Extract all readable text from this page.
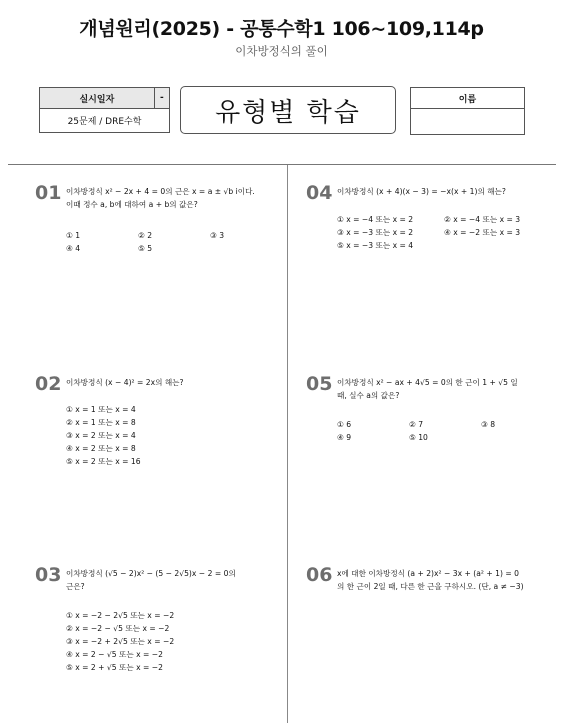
개념원리(2025) - 공통수학1 106~109,114p
이차방정식의 풀이
실시일자	-
25문제 / DRE수학	유형별 학습	이름
01 이차방정식 x² − 2x + 4 = 0의 근은 x = a ± √b i이다.
이때 정수 a, b에 대하여 a + b의 값은?
① 1	② 2	③ 3
④ 4	⑤ 5
02 이차방정식 (x − 4)² = 2x의 해는?
① x = 1 또는 x = 4
② x = 1 또는 x = 8
③ x = 2 또는 x = 4
④ x = 2 또는 x = 8
⑤ x = 2 또는 x = 16
03 이차방정식 (√5 − 2)x² − (5 − 2√5)x − 2 = 0의
근은?
① x = −2 − 2√5 또는 x = −2
② x = −2 − √5 또는 x = −2
③ x = −2 + 2√5 또는 x = −2
④ x = 2 − √5 또는 x = −2
⑤ x = 2 + √5 또는 x = −2
04 이차방정식 (x + 4)(x − 3) = −x(x + 1)의 해는?
① x = −4 또는 x = 2	② x = −4 또는 x = 3
③ x = −3 또는 x = 2	④ x = −2 또는 x = 3
⑤ x = −3 또는 x = 4
05 이차방정식 x² − ax + 4√5 = 0의 한 근이 1 + √5 일
때, 실수 a의 값은?
① 6	② 7	③ 8
④ 9	⑤ 10
06 x에 대한 이차방정식 (a + 2)x² − 3x + (a² + 1) = 0
의 한 근이 2일 때, 다른 한 근을 구하시오. (단, a ≠ −3)
